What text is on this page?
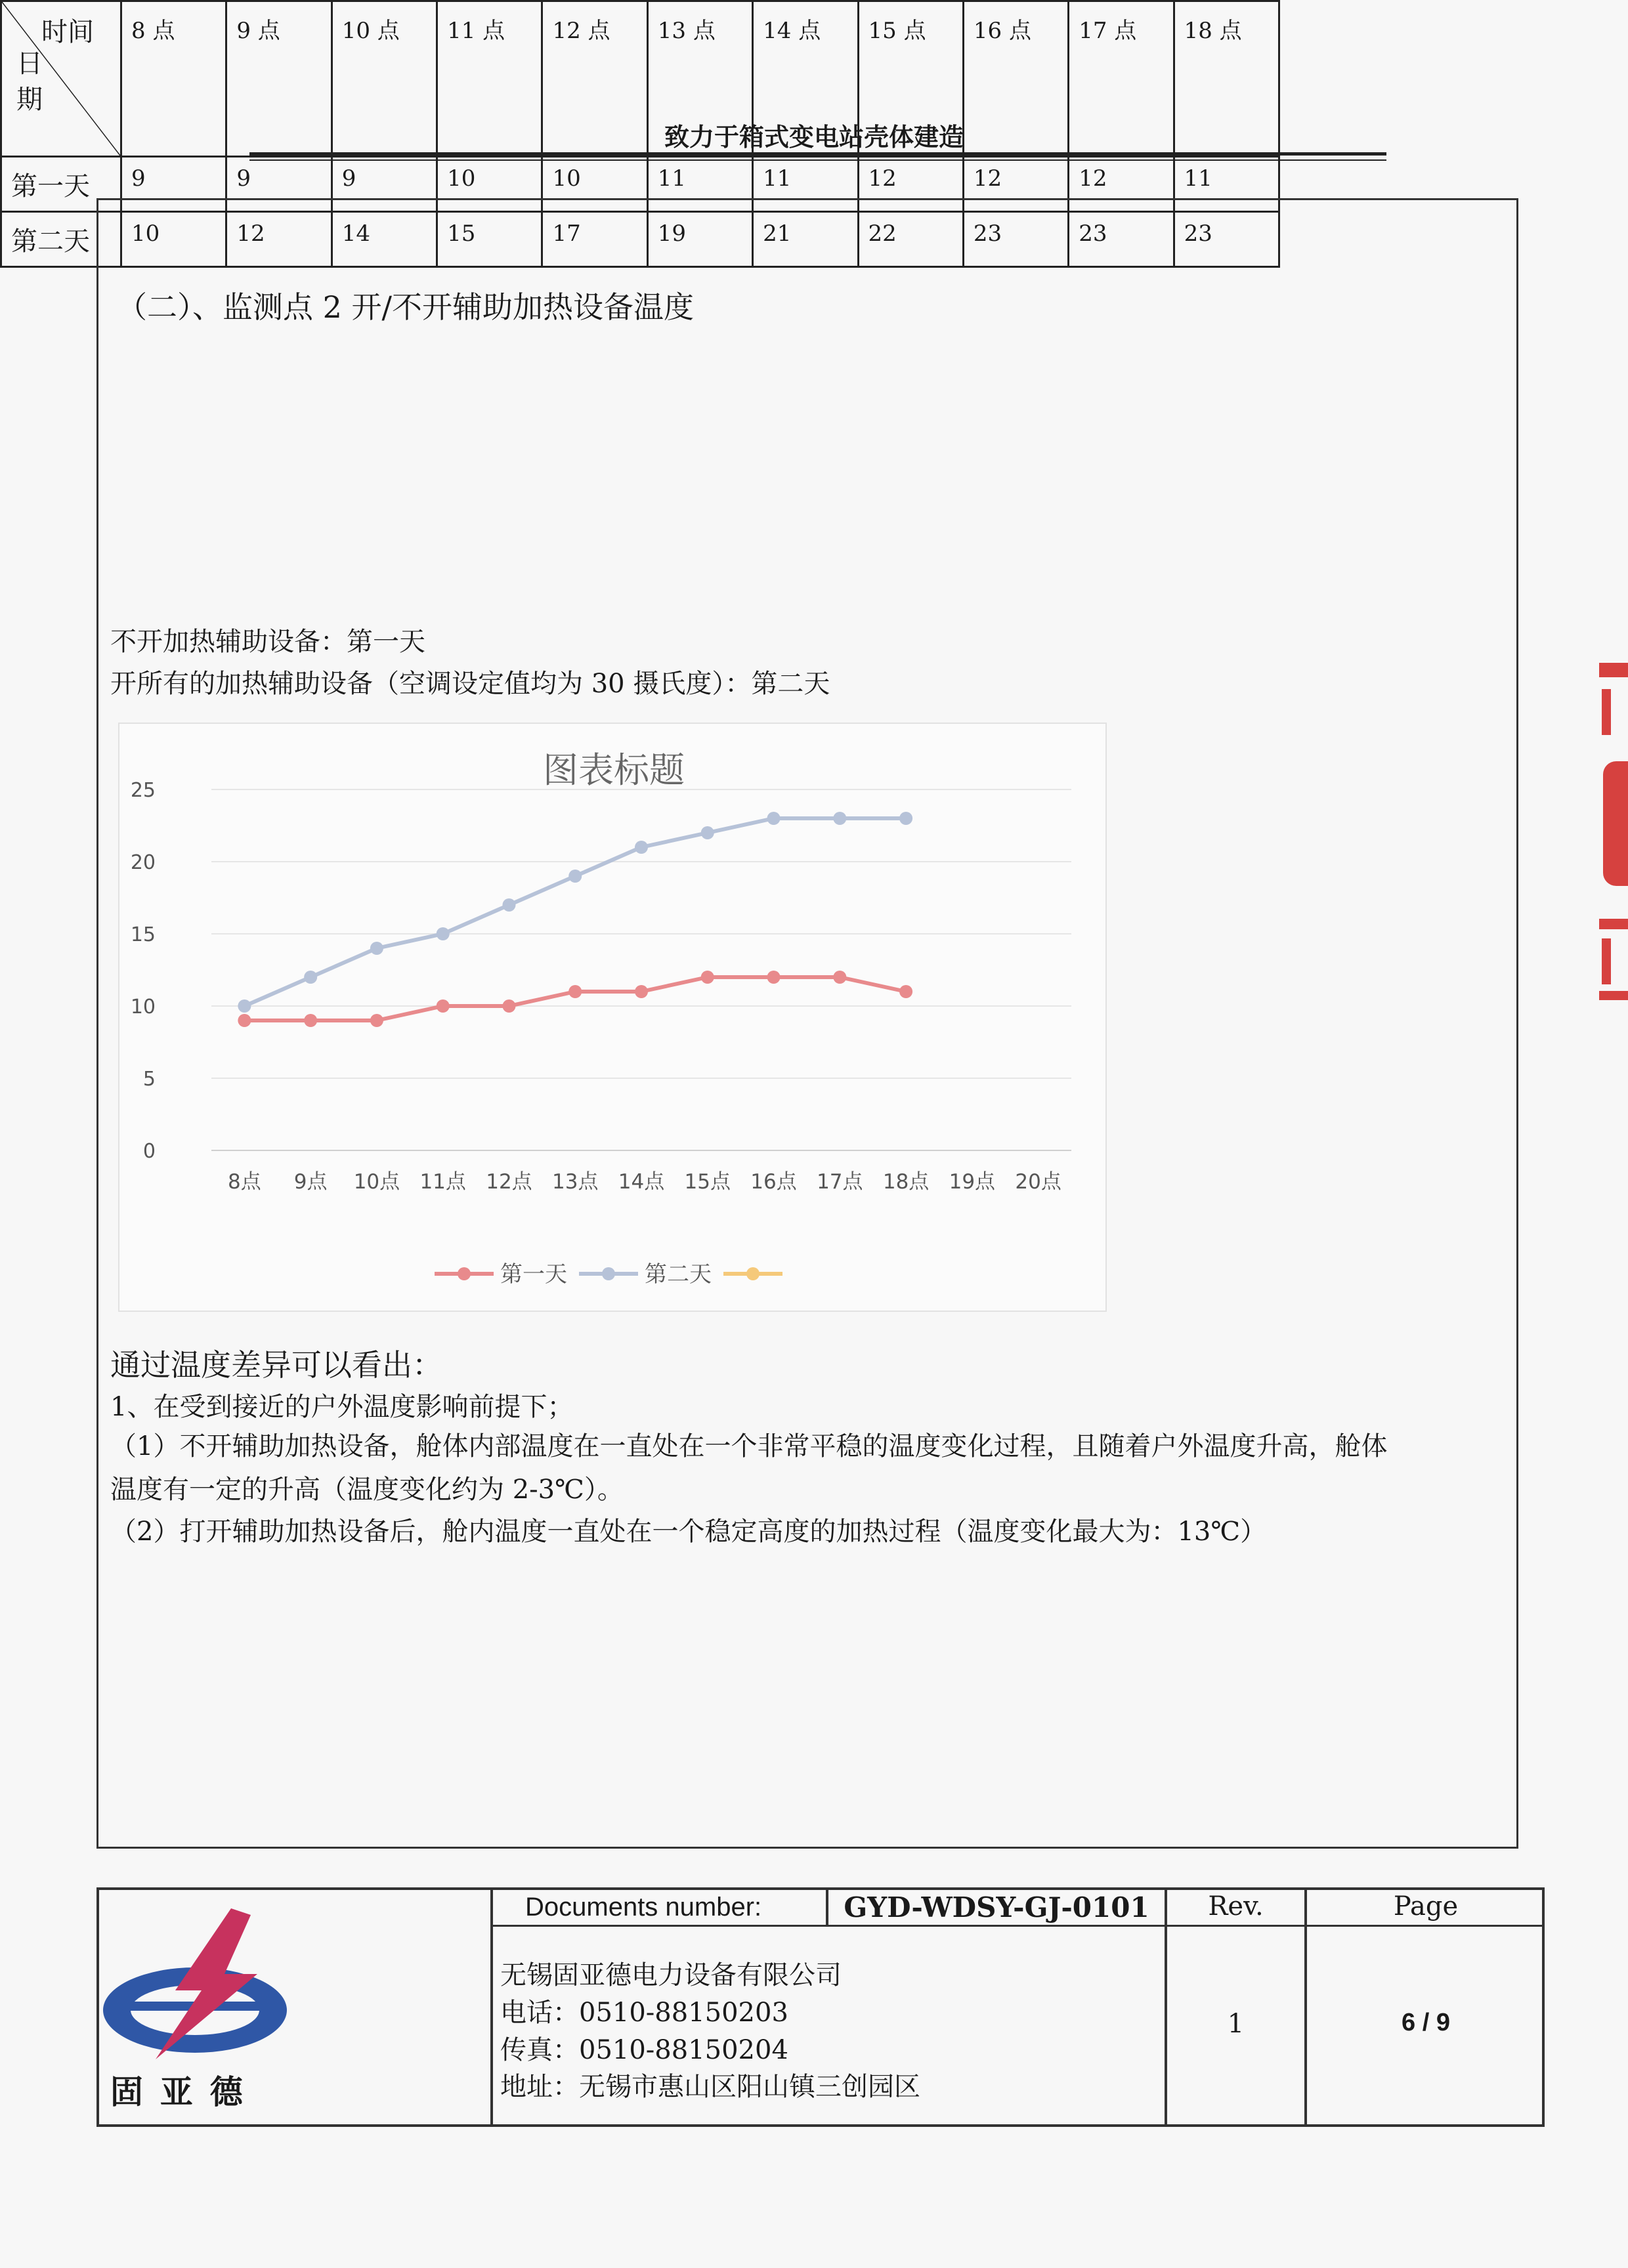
致力于箱式变电站壳体建造
（二）、监测点 2 开/不开辅助加热设备温度
时间
日
期	8 点	9 点	10 点	11 点	12 点	13 点	14 点	15 点	16 点	17 点	18 点
第一天	9	9	9	10	10	11	11	12	12	12	11
第二天	10	12	14	15	17	19	21	22	23	23	23
不开加热辅助设备：第一天
开所有的加热辅助设备（空调设定值均为 30 摄氏度）：第二天
0
5
10
15
20
25
8点 9点 10点 11点 12点 13点 14点 15点 16点 17点 18点 19点 20点
第一天	第二天
图表标题
通过温度差异可以看出：
1、在受到接近的户外温度影响前提下；
（1）不开辅助加热设备，舱体内部温度在一直处在一个非常平稳的温度变化过程，且随着户外温度升高，舱体
温度有一定的升高（温度变化约为 2-3℃）。
（2）打开辅助加热设备后，舱内温度一直处在一个稳定高度的加热过程（温度变化最大为：13℃）
固 亚 德
Documents number:	GYD-WDSY-GJ-0101	Rev.	Page
无锡固亚德电力设备有限公司
电话：0510-88150203
传真：0510-88150204
地址：无锡市惠山区阳山镇三创园区
1	6 / 9
